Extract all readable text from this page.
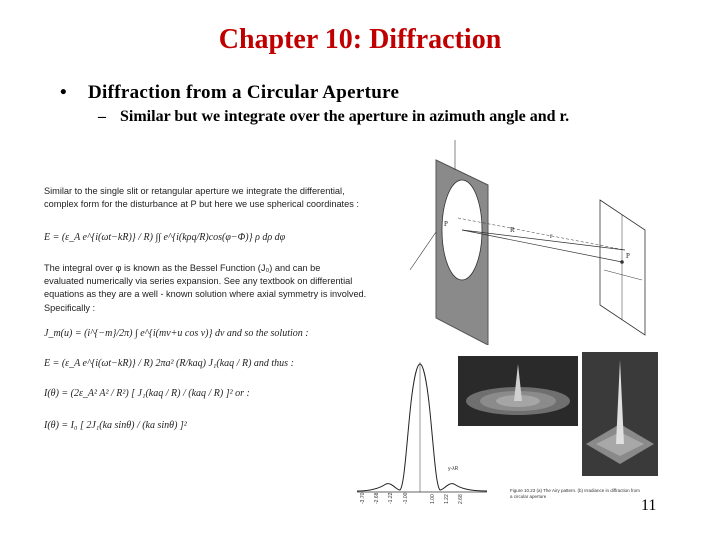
Chapter 10: Diffraction
• Diffraction from a Circular Aperture
– Similar but we integrate over the aperture in azimuth angle and r.
Similar to the single slit or retangular aperture we integrate the differential,
complex form for the disturbance at P but here we use spherical coordinates :
E = (ε_A e^{i(ωt−kR)} / R) ∫∫ e^{i(kρq/R)cos(φ−Φ)} ρ dρ dφ
The integral over φ is known as the Bessel Function (J₀) and can be
evaluated numerically via series expansion. See any textbook on differential
equations as they are a well - known solution where axial symmetry is involved.
Specifically :
J_m(u) = (i^{−m}/2π) ∫ e^{i(mv+u cos v)} dv and so the solution :
E = (ε_A e^{i(ωt−kR)} / R) 2πa² (R/kaq) J₁(kaq / R) and thus :
I(θ) = (2ε_A² A² / R²) [ J₁(kaq / R) / (kaq / R) ]² or :
I(θ) = I₀ [ 2J₁(ka sinθ) / (ka sinθ) ]²
P
R
r
P
-3.70 -2.68 -1.22 -1.00	1.00 1.22 2.68
y-λR
Figure 10.23 (a) The Airy pattern. (b) Irradiance in diffraction from a circular aperture
11
